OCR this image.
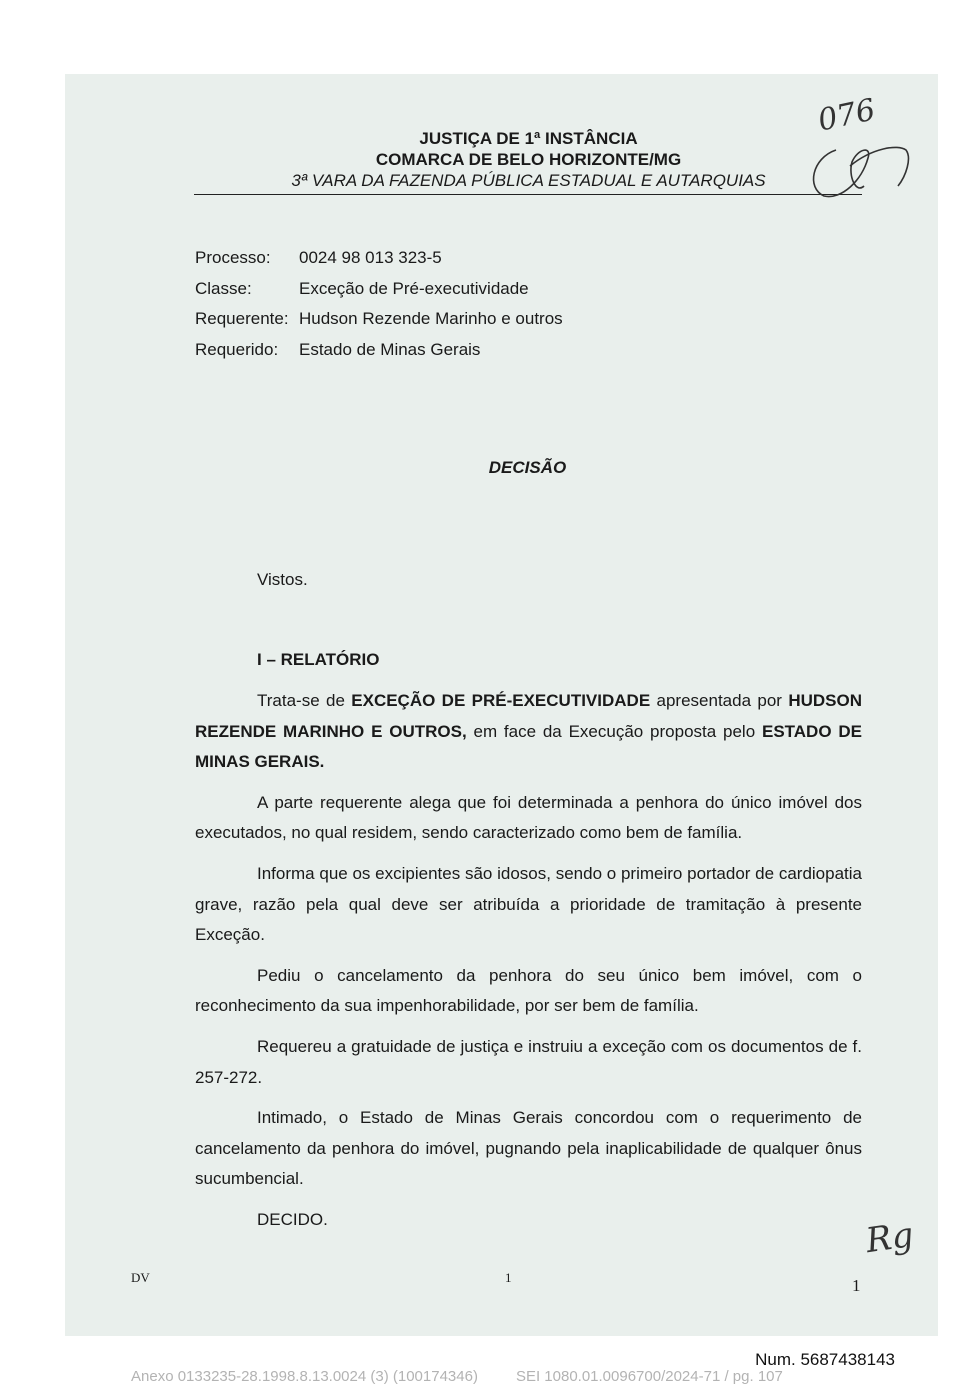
JUSTIÇA DE 1ª INSTÂNCIA
COMARCA DE BELO HORIZONTE/MG
3ª VARA DA FAZENDA PÚBLICA ESTADUAL E AUTARQUIAS
076
Processo: 0024 98 013 323-5
Classe:	Exceção de Pré-executividade
Requerente: Hudson Rezende Marinho e outros
Requerido: Estado de Minas Gerais
DECISÃO
Vistos.
I – RELATÓRIO

Trata-se de EXCEÇÃO DE PRÉ-EXECUTIVIDADE apresentada por HUDSON REZENDE MARINHO E OUTROS, em face da Execução proposta pelo ESTADO DE MINAS GERAIS.

A parte requerente alega que foi determinada a penhora do único imóvel dos executados, no qual residem, sendo caracterizado como bem de família.

Informa que os excipientes são idosos, sendo o primeiro portador de cardiopatia grave, razão pela qual deve ser atribuída a prioridade de tramitação à presente Exceção.

Pediu o cancelamento da penhora do seu único bem imóvel, com o reconhecimento da sua impenhorabilidade, por ser bem de família.

Requereu a gratuidade de justiça e instruiu a exceção com os documentos de f. 257-272.

Intimado, o Estado de Minas Gerais concordou com o requerimento de cancelamento da penhora do imóvel, pugnando pela inaplicabilidade de qualquer ônus sucumbencial.

DECIDO.	Rg
DV	1	1
Num. 5687438143
Anexo 0133235-28.1998.8.13.0024 (3) (100174346)	SEI 1080.01.0096700/2024-71 / pg. 107
